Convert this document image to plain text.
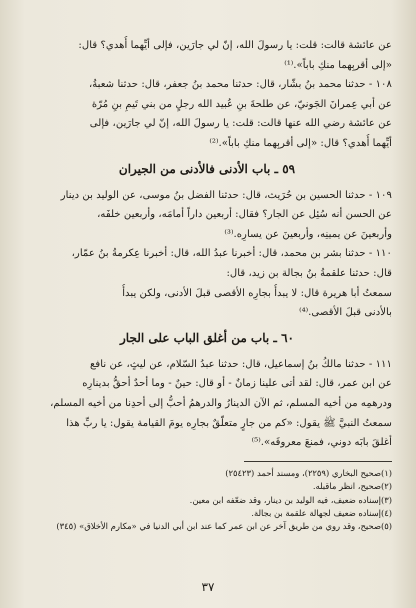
عن عائشة قالت: قلت: يا رسولَ الله، إنّ لي جارَين، فإلى أيِّهما أُهدي؟ قال:
«إلى أقربِهما منكِ باباً».⁽¹⁾
١٠٨ - حدثنا محمد بنُ بشّار، قال: حدثنا محمد بنُ جعفر، قال: حدثنا شعبةُ،
عن أبي عِمرانَ الجَونيّ، عن طلحةَ بنِ عُبيد الله رجلٍ من بني تَيمِ بنِ مُرّة
عن عائشة رضي الله عنها قالت: قلت: يا رسولَ الله، إنّ لي جارَين، فإلى
أيِّهما أُهدي؟ قال: «إلى أقربِهما منكِ باباً».⁽²⁾
٥٩ ـ باب الأدنى فالأدنى من الجيران
١٠٩ - حدثنا الحسين بن حُرَيث، قال: حدثنا الفضل بنُ موسى، عن الوليد بن دينار
عن الحسن أنه سُئِل عن الجار؟ فقال: أربعين داراً أمامَه، وأربعين خلفَه،
وأربعينَ عن يمينِه، وأربعينَ عن يسارِه.⁽³⁾
١١٠ - حدثنا بشر بن محمد، قال: أخبرنا عبدُ الله، قال: أخبرنا عِكرمةُ بنُ عمّار،
قال: حدثنا علقمةُ بنُ بجالة بن زيد، قال:
سمعتُ أبا هريرة قال: لا يبدأُ بجارِه الأقصى قبلَ الأدنى، ولكن يبدأُ
بالأدنى قبلَ الأقصى.⁽⁴⁾
٦٠ ـ باب من أغلق الباب على الجار
١١١ - حدثنا مالكُ بنُ إسماعيل، قال: حدثنا عبدُ السّلام، عن ليثٍ، عن نافع
عن ابن عمر، قال: لقد أتى علينا زمانٌ - أو قال: حينٌ - وما أحدٌ أحقُّ بدينارِه
ودرهمِه من أخيه المسلم، ثم الآن الدينارُ والدرهمُ أحبُّ إلى أحدِنا من أخيه المسلم،
سمعتُ النبيَّ ﷺ يقول: «كم من جارٍ متعلّقٌ بجارِه يومَ القيامة يقول: يا ربِّ هذا
أغلقَ بابَه دوني، فمنعَ معروفَه».⁽⁵⁾
(١)صحيح البخاري (٢٢٥٩)، ومسند أحمد (٢٥٤٢٣)
(٢)صحيح، انظر ماقبله.
(٣)إسناده ضعيف، فيه الوليد بن دينار، وقد ضعّفه ابن معين.
(٤)إسناده ضعيف لجهالة علقمة بن بجالة.
(٥)صحيح، وقد روي من طريق آخر عن ابن عمر كما عند ابن أبي الدنيا في «مكارم الأخلاق» (٣٤٥)
٣٧
